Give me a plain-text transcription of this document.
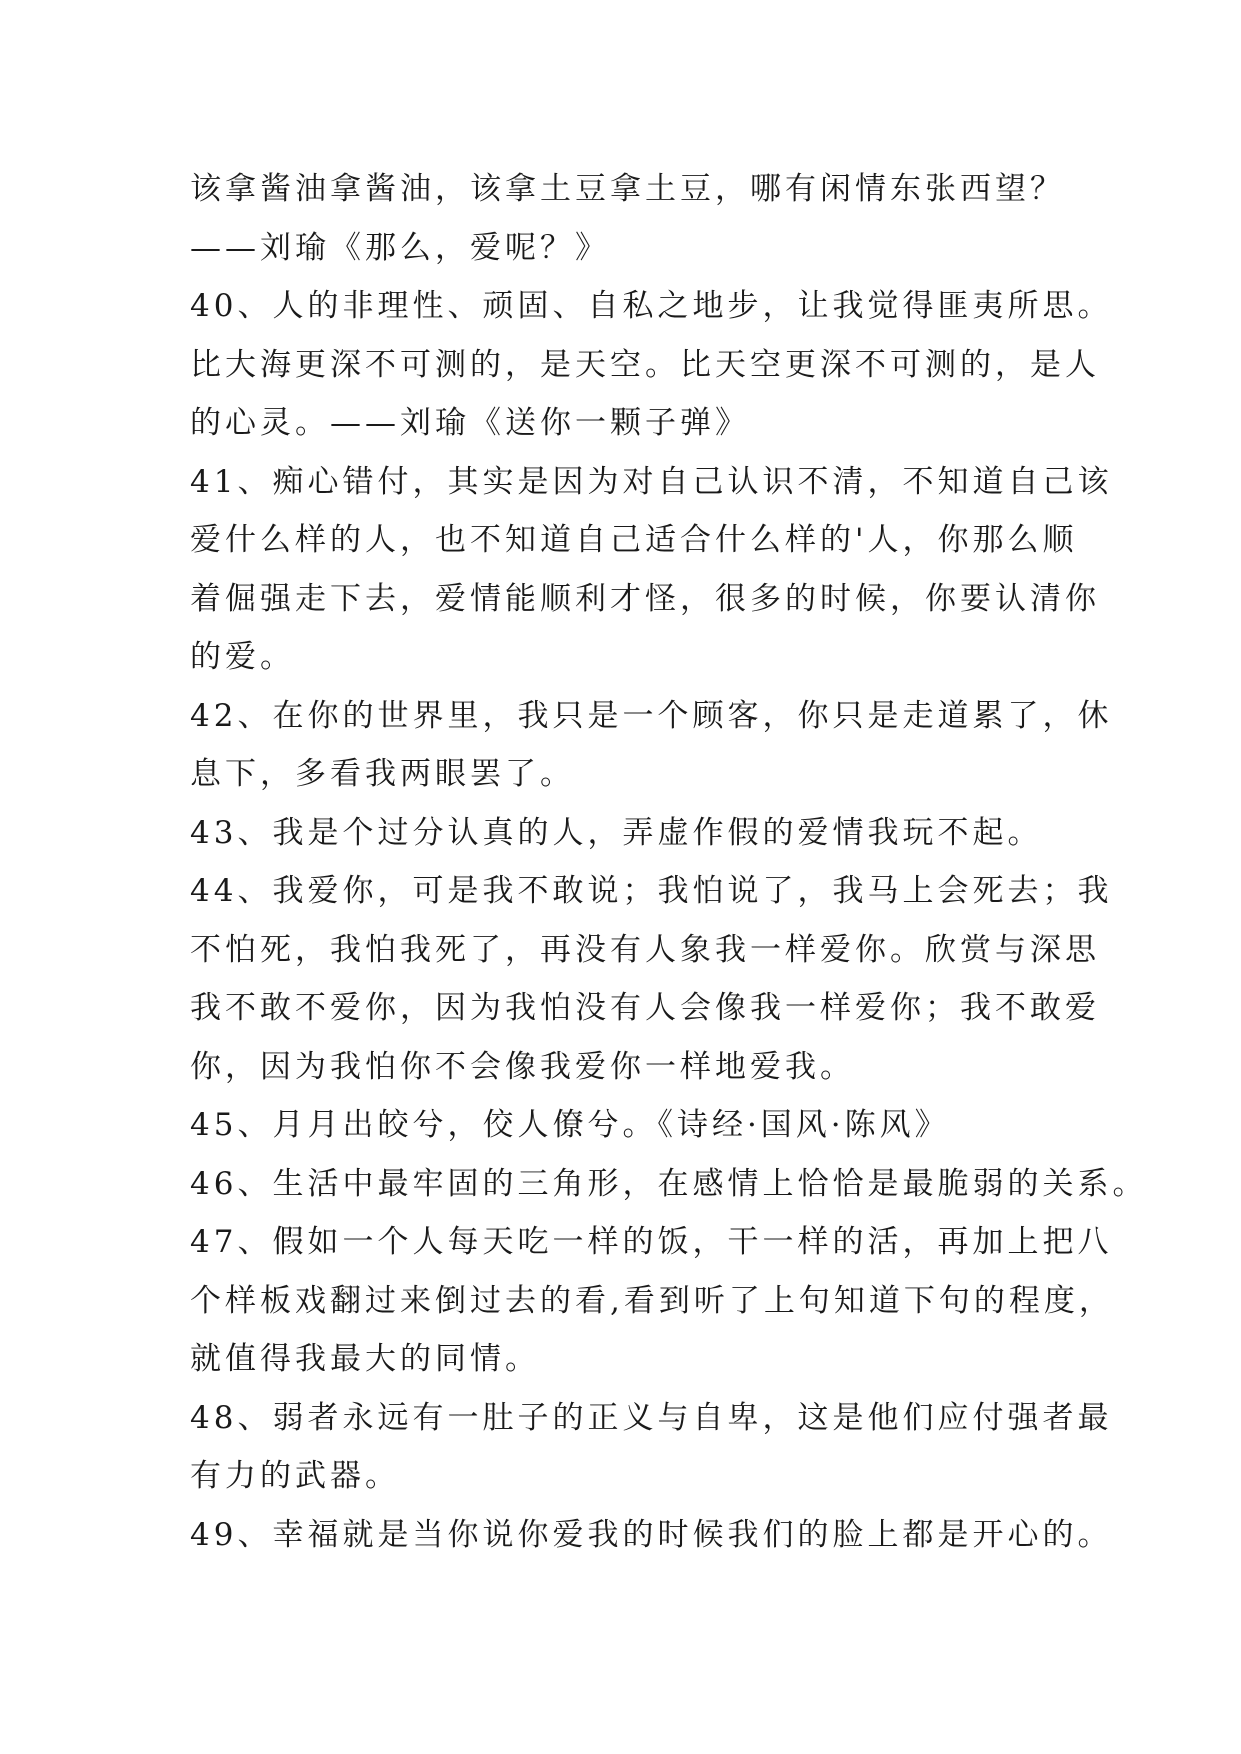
该拿酱油拿酱油，该拿土豆拿土豆，哪有闲情东张西望？
——刘瑜《那么，爱呢？》
40、人的非理性、顽固、自私之地步，让我觉得匪夷所思。
比大海更深不可测的，是天空。比天空更深不可测的，是人
的心灵。——刘瑜《送你一颗子弹》
41、痴心错付，其实是因为对自己认识不清，不知道自己该
爱什么样的人，也不知道自己适合什么样的'人，你那么顺
着倔强走下去，爱情能顺利才怪，很多的时候，你要认清你
的爱。
42、在你的世界里，我只是一个顾客，你只是走道累了，休
息下，多看我两眼罢了。
43、我是个过分认真的人，弄虚作假的爱情我玩不起。
44、我爱你，可是我不敢说；我怕说了，我马上会死去；我
不怕死，我怕我死了，再没有人象我一样爱你。欣赏与深思
我不敢不爱你，因为我怕没有人会像我一样爱你；我不敢爱
你，因为我怕你不会像我爱你一样地爱我。
45、月月出皎兮，佼人僚兮。《诗经·国风·陈风》
46、生活中最牢固的三角形，在感情上恰恰是最脆弱的关系。
47、假如一个人每天吃一样的饭，干一样的活，再加上把八
个样板戏翻过来倒过去的看,看到听了上句知道下句的程度，
就值得我最大的同情。
48、弱者永远有一肚子的正义与自卑，这是他们应付强者最
有力的武器。
49、幸福就是当你说你爱我的时候我们的脸上都是开心的。
